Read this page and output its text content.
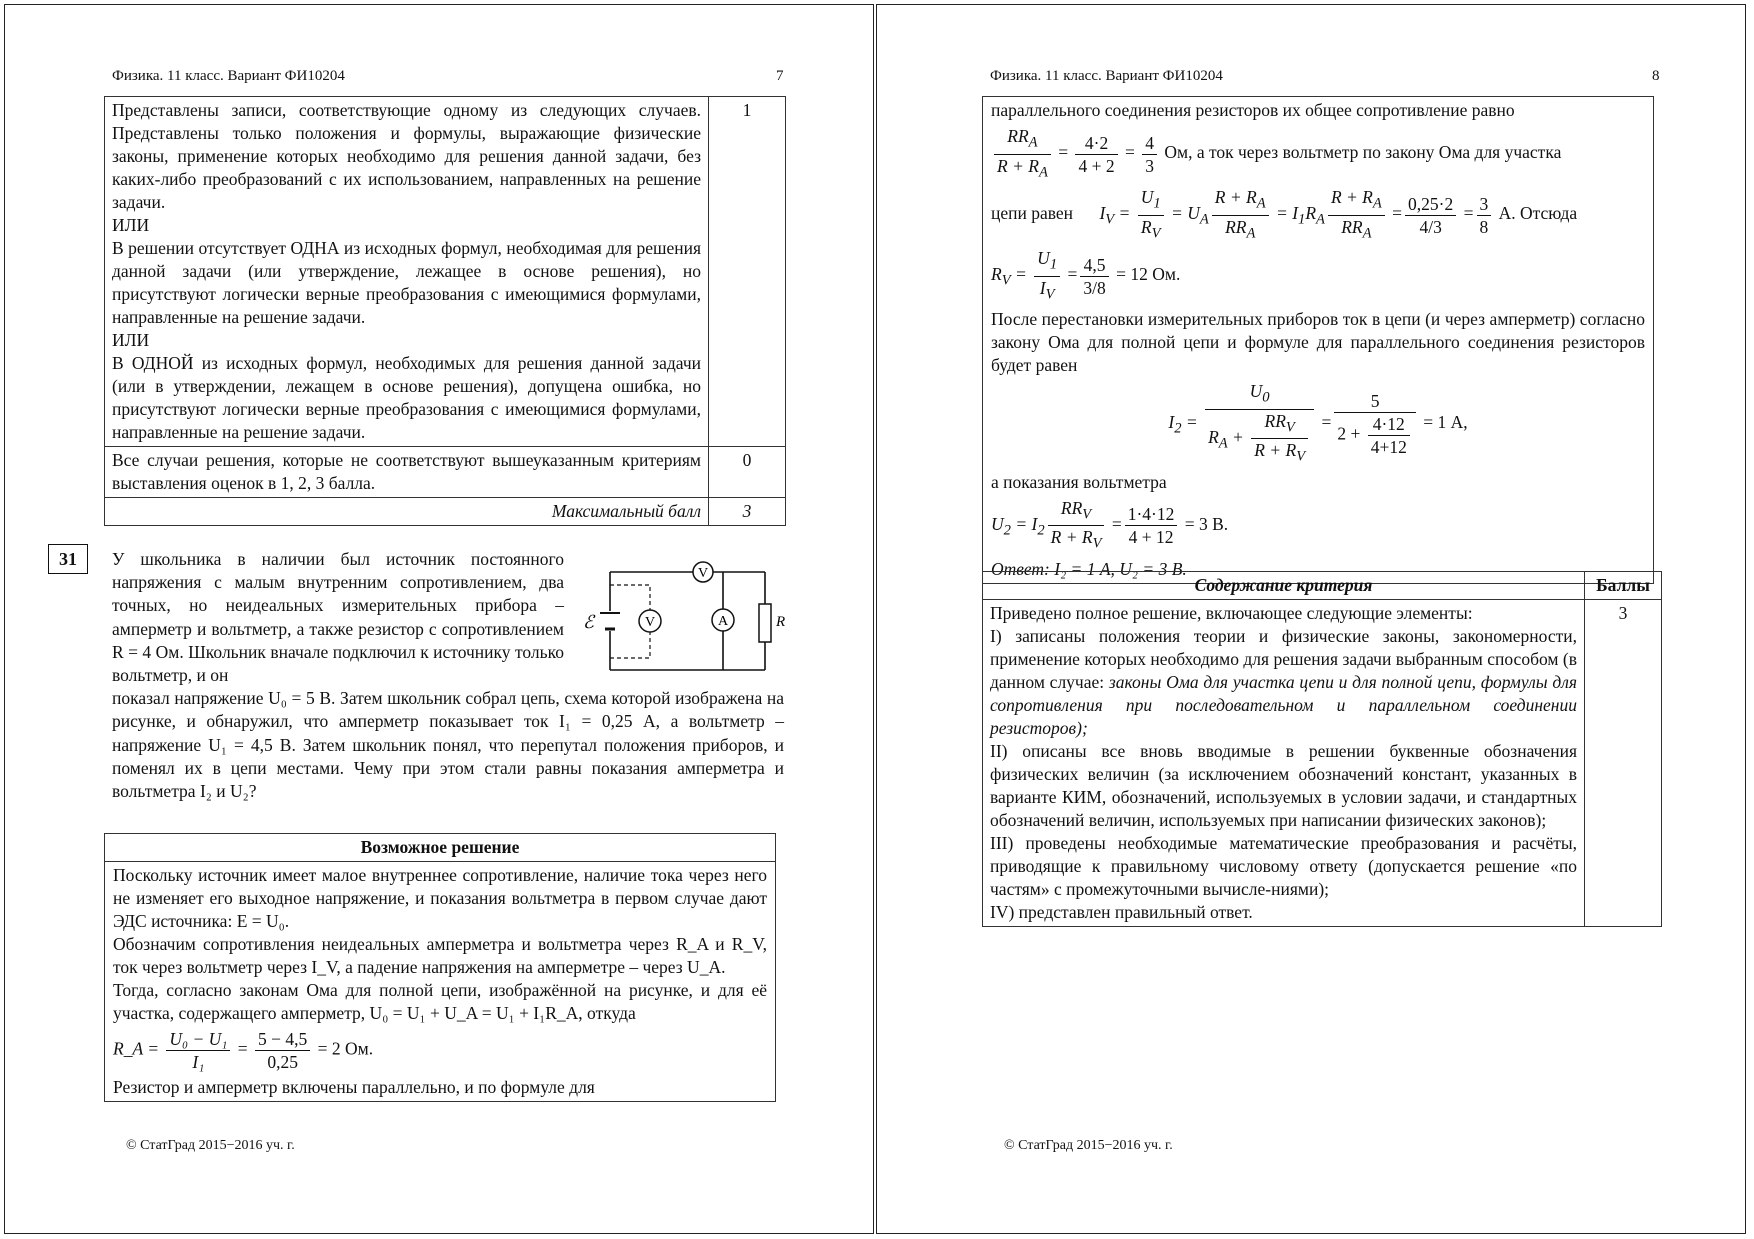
Физика. 11 класс. Вариант ФИ10204	7
Представлены записи, соответствующие одному из следующих случаев. Представлены только положения и формулы, выражающие физические законы, применение которых необходимо для решения данной задачи, без каких-либо преобразований с их использованием, направленных на решение задачи.
ИЛИ
В решении отсутствует ОДНА из исходных формул, необходимая для решения данной задачи (или утверждение, лежащее в основе решения), но присутствуют логически верные преобразования с имеющимися формулами, направленные на решение задачи.
ИЛИ
В ОДНОЙ из исходных формул, необходимых для решения данной задачи (или в утверждении, лежащем в основе решения), допущена ошибка, но присутствуют логически верные преобразования с имеющимися формулами, направленные на решение задачи.	1
Все случаи решения, которые не соответствуют вышеуказанным критериям выставления оценок в 1, 2, 3 балла.	0
Максимальный балл	3
31	У школьника в наличии был источник постоянного напряжения с малым внутренним сопротивлением, два точных, но неидеальных измерительных прибора – амперметр и вольтметр, а также резистор с сопротивлением R = 4 Ом. Школьник вначале подключил к источнику только вольтметр, и он
показал напряжение U₀ = 5 В. Затем школьник собрал цепь, схема которой изображена на рисунке, и обнаружил, что амперметр показывает ток I₁ = 0,25 А, а вольтметр – напряжение U₁ = 4,5 В. Затем школьник понял, что перепутал положения приборов, и поменял их в цепи местами. Чему при этом стали равны показания амперметра и вольтметра I₂ и U₂?
ℰ
V
V	A	R
Возможное решение

Поскольку источник имеет малое внутреннее сопротивление, наличие тока через него не изменяет его выходное напряжение, и показания вольтметра в первом случае дают ЭДС источника: E = U₀.
Обозначим сопротивления неидеальных амперметра и вольтметра через R_A и R_V, ток через вольтметр через I_V, а падение напряжения на амперметре – через U_A.
Тогда, согласно законам Ома для полной цепи, изображённой на рисунке, и для её участка, содержащего амперметр, U₀ = U₁ + U_A = U₁ + I₁R_A, откуда
R_A = $\frac{\text{U₀ − U₁}}{\text{I₁}} = \frac{5 - 4,5}{0,25} = 2$ Ом.
Резистор и амперметр включены параллельно, и по формуле для
© СтатГрад 2015−2016 уч. г.
Физика. 11 класс. Вариант ФИ10204	8
параллельного соединения резисторов их общее сопротивление равно
$\frac{RR_A}{R + R_A} = \frac{4\cdot 2}{4 + 2} = \frac{4}{3}$ Ом, а ток через вольтметр по закону Ома для участка
цепи равен $I_V = \frac{U_1}{R_V} = U_A \frac{R + R_A}{RR_A} = I_1R_A \frac{R + R_A}{RR_A} = \frac{0,25\cdot 2}{4/3} = \frac{3}{8} А$. Отсюда
$R_V = \frac{U_1}{I_V} = \frac{4,5}{3/8} = 12$ Ом.
После перестановки измерительных приборов ток в цепи (и через амперметр) согласно закону Ома для полной цепи и формуле для параллельного соединения резисторов будет равен
$I_2 = \frac{U_0}{R_A + \frac{RR_V}{R + R_V}} = \frac{5}{2 + \frac{4\cdot 12}{4+12}} = 1$ А,
а показания вольтметра
$U_2 = I_2 \frac{RR_V}{R + R_V} = \frac{1\cdot 4\cdot 12}{4 + 12} = 3$ В.
Ответ: I₂ = 1 А, U₂ = 3 В.
Содержание критерия	Баллы

Приведено полное решение, включающее следующие элементы:
I) записаны положения теории и физические законы, закономерности, применение которых необходимо для решения задачи выбранным способом (в данном случае: законы Ома для участка цепи и для полной цепи, формулы для сопротивления при последовательном и параллельном соединении резисторов);
II) описаны все вновь вводимые в решении буквенные обозначения физических величин (за исключением обозначений констант, указанных в варианте КИМ, обозначений, используемых в условии задачи, и стандартных обозначений величин, используемых при написании физических законов);
III) проведены необходимые математические преобразования и расчёты, приводящие к правильному числовому ответу (допускается решение «по частям» с промежуточными вычисле-ниями);
IV) представлен правильный ответ.	3
© СтатГрад 2015−2016 уч. г.
